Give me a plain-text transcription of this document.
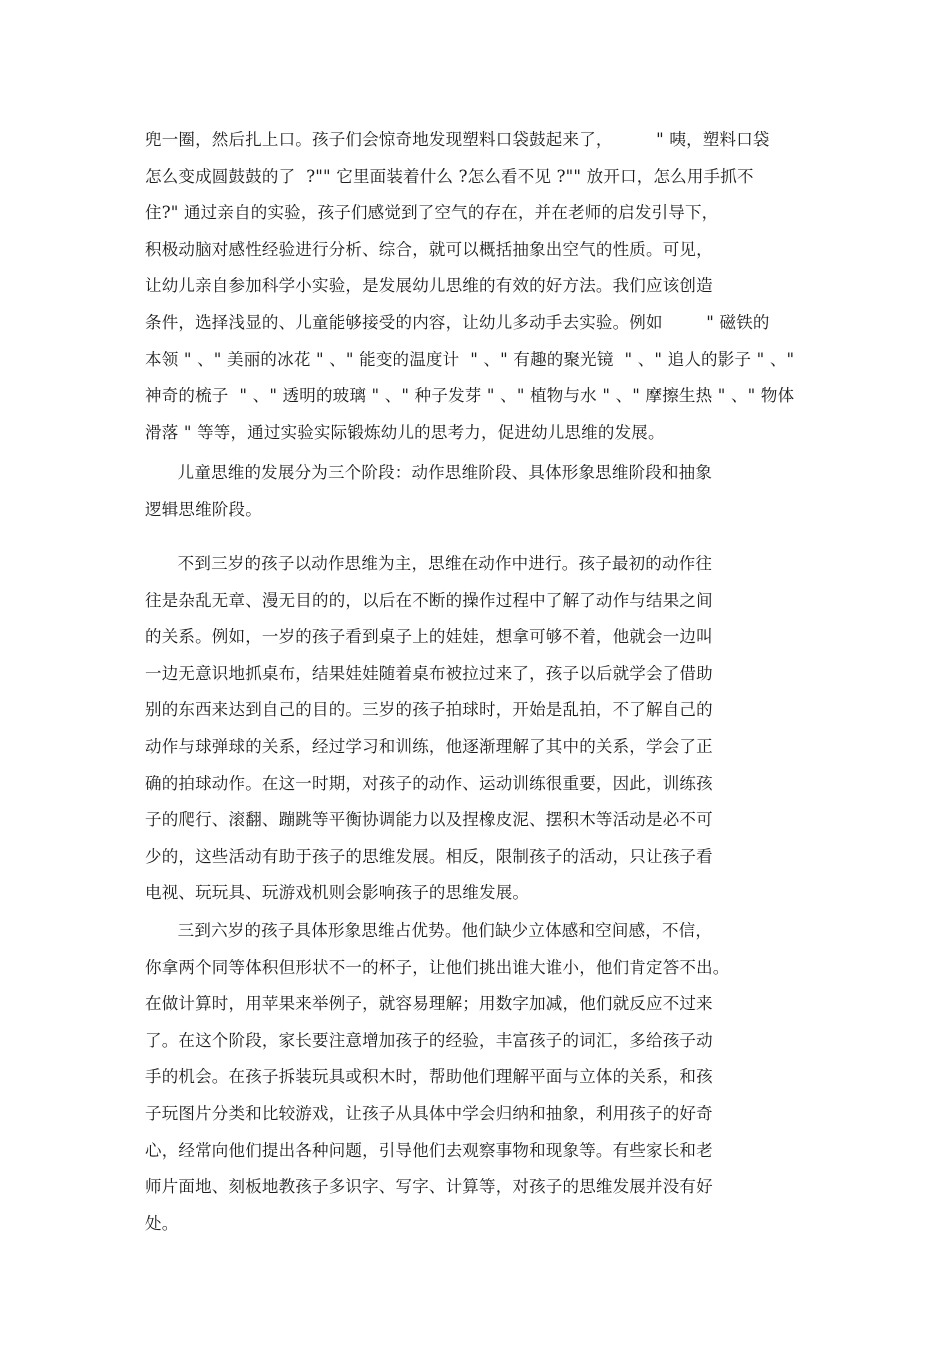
兜一圈，然后扎上口。孩子们会惊奇地发现塑料口袋鼓起来了，        " 咦，塑料口袋
怎么变成圆鼓鼓的了  ?"" 它里面装着什么 ?怎么看不见 ?"" 放开口，怎么用手抓不
住?" 通过亲自的实验，孩子们感觉到了空气的存在，并在老师的启发引导下，
积极动脑对感性经验进行分析、综合，就可以概括抽象出空气的性质。可见，
让幼儿亲自参加科学小实验，是发展幼儿思维的有效的好方法。我们应该创造
条件，选择浅显的、儿童能够接受的内容，让幼儿多动手去实验。例如        " 磁铁的
本领 " 、" 美丽的冰花 " 、" 能变的温度计  " 、" 有趣的聚光镜  " 、" 追人的影子 " 、"
神奇的梳子  " 、" 透明的玻璃 " 、" 种子发芽 " 、" 植物与水 " 、" 摩擦生热 " 、" 物体
滑落 " 等等，通过实验实际锻炼幼儿的思考力，促进幼儿思维的发展。
儿童思维的发展分为三个阶段：动作思维阶段、具体形象思维阶段和抽象
逻辑思维阶段。
不到三岁的孩子以动作思维为主，思维在动作中进行。孩子最初的动作往
往是杂乱无章、漫无目的的，以后在不断的操作过程中了解了动作与结果之间
的关系。例如，一岁的孩子看到桌子上的娃娃，想拿可够不着，他就会一边叫
一边无意识地抓桌布，结果娃娃随着桌布被拉过来了，孩子以后就学会了借助
别的东西来达到自己的目的。三岁的孩子拍球时，开始是乱拍，不了解自己的
动作与球弹球的关系，经过学习和训练，他逐渐理解了其中的关系，学会了正
确的拍球动作。在这一时期，对孩子的动作、运动训练很重要，因此，训练孩
子的爬行、滚翻、蹦跳等平衡协调能力以及捏橡皮泥、摆积木等活动是必不可
少的，这些活动有助于孩子的思维发展。相反，限制孩子的活动，只让孩子看
电视、玩玩具、玩游戏机则会影响孩子的思维发展。
三到六岁的孩子具体形象思维占优势。他们缺少立体感和空间感，不信，
你拿两个同等体积但形状不一的杯子，让他们挑出谁大谁小，他们肯定答不出。
在做计算时，用苹果来举例子，就容易理解；用数字加减，他们就反应不过来
了。在这个阶段，家长要注意增加孩子的经验，丰富孩子的词汇，多给孩子动
手的机会。在孩子拆装玩具或积木时，帮助他们理解平面与立体的关系，和孩
子玩图片分类和比较游戏，让孩子从具体中学会归纳和抽象，利用孩子的好奇
心，经常向他们提出各种问题，引导他们去观察事物和现象等。有些家长和老
师片面地、刻板地教孩子多识字、写字、计算等，对孩子的思维发展并没有好
处。
